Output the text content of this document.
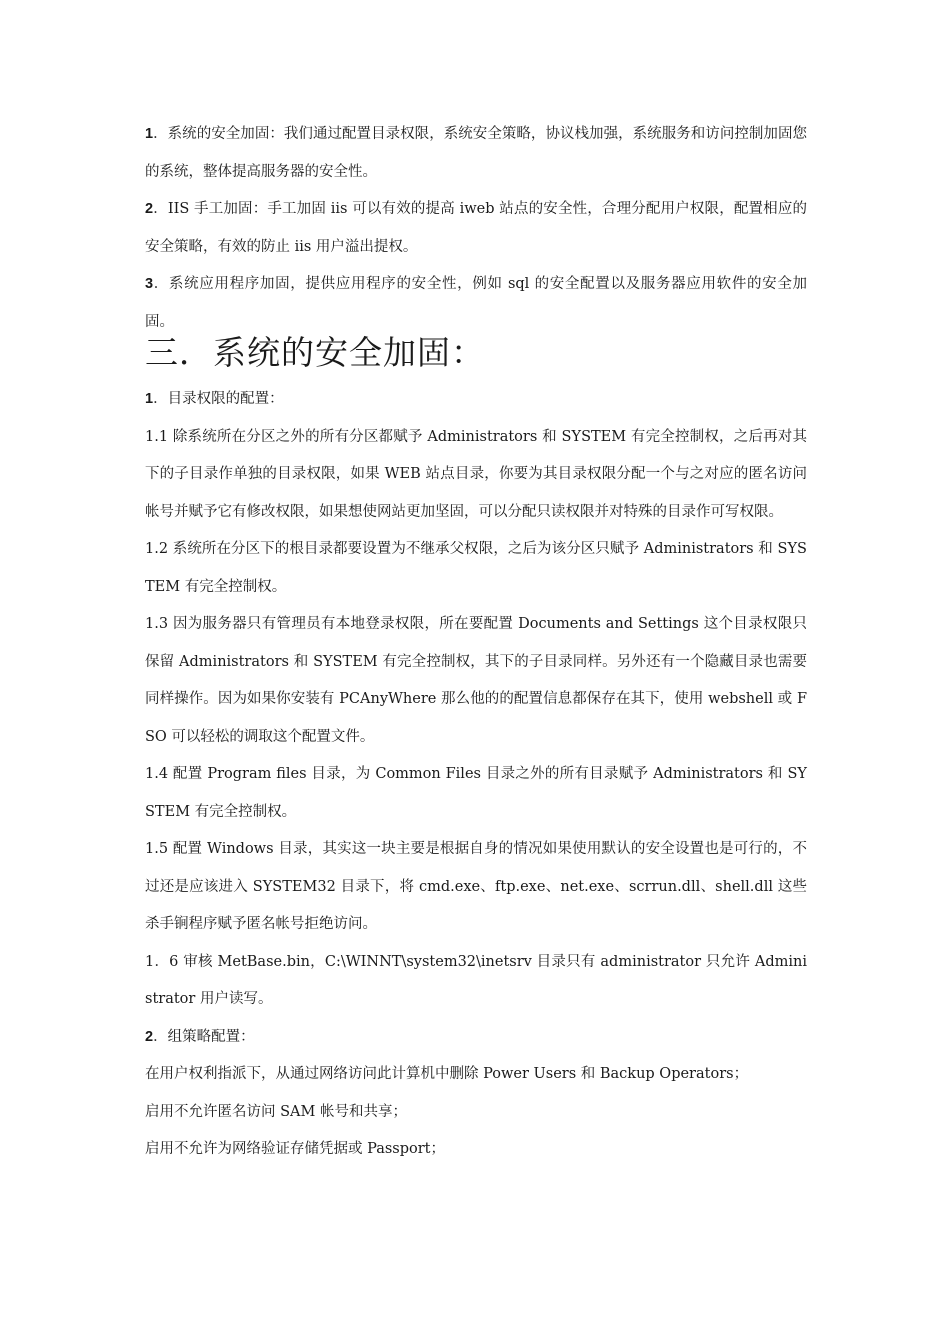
1．系统的安全加固：我们通过配置目录权限，系统安全策略，协议栈加强，系统服务和访问控制加固您的系统，整体提高服务器的安全性。

2．IIS 手工加固：手工加固 iis 可以有效的提高 iweb 站点的安全性，合理分配用户权限，配置相应的安全策略，有效的防止 iis 用户溢出提权。

3．系统应用程序加固，提供应用程序的安全性，例如 sql 的安全配置以及服务器应用软件的安全加固。

三．系统的安全加固：

1．目录权限的配置：

1.1 除系统所在分区之外的所有分区都赋予 Administrators 和 SYSTEM 有完全控制权，之后再对其下的子目录作单独的目录权限，如果 WEB 站点目录，你要为其目录权限分配一个与之对应的匿名访问帐号并赋予它有修改权限，如果想使网站更加坚固，可以分配只读权限并对特殊的目录作可写权限。

1.2 系统所在分区下的根目录都要设置为不继承父权限，之后为该分区只赋予 Administrators 和 SYSTEM 有完全控制权。

1.3 因为服务器只有管理员有本地登录权限，所在要配置 Documents and Settings 这个目录权限只保留 Administrators 和 SYSTEM 有完全控制权，其下的子目录同样。另外还有一个隐藏目录也需要同样操作。因为如果你安装有 PCAnyWhere 那么他的的配置信息都保存在其下，使用 webshell 或 FSO 可以轻松的调取这个配置文件。

1.4 配置 Program files 目录，为 Common Files 目录之外的所有目录赋予 Administrators 和 SYSTEM 有完全控制权。

1.5 配置 Windows 目录，其实这一块主要是根据自身的情况如果使用默认的安全设置也是可行的，不过还是应该进入 SYSTEM32 目录下，将 cmd.exe、ftp.exe、net.exe、scrrun.dll、shell.dll 这些杀手锏程序赋予匿名帐号拒绝访问。

1．6 审核 MetBase.bin，C:\WINNT\system32\inetsrv 目录只有 administrator 只允许 Administrator 用户读写。

2．组策略配置：

在用户权利指派下，从通过网络访问此计算机中删除 Power Users 和 Backup Operators；

启用不允许匿名访问 SAM 帐号和共享；

启用不允许为网络验证存储凭据或 Passport；
